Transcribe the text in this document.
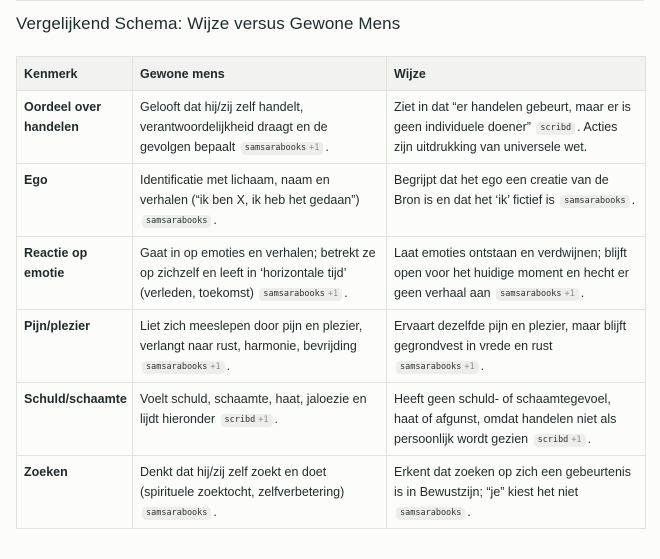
Vergelijkend Schema: Wijze versus Gewone Mens
Kenmerk	Gewone mens	Wijze
Oordeel over handelen	Gelooft dat hij/zij zelf handelt, verantwoordelijkheid draagt en de gevolgen bepaalt samsarabooks +1 .	Ziet in dat “er handelen gebeurt, maar er is geen individuele doener” scribd . Acties zijn uitdrukking van universele wet.
Ego	Identificatie met lichaam, naam en verhalen (“ik ben X, ik heb het gedaan”) samsarabooks .	Begrijpt dat het ego een creatie van de Bron is en dat het ‘ik’ fictief is samsarabooks .
Reactie op emotie	Gaat in op emoties en verhalen; betrekt ze op zichzelf en leeft in ‘horizontale tijd’ (verleden, toekomst) samsarabooks +1 .	Laat emoties ontstaan en verdwijnen; blijft open voor het huidige moment en hecht er geen verhaal aan samsarabooks +1 .
Pijn/plezier	Liet zich meeslepen door pijn en plezier, verlangt naar rust, harmonie, bevrijding samsarabooks +1 .	Ervaart dezelfde pijn en plezier, maar blijft gegrondvest in vrede en rust samsarabooks +1 .
Schuld/schaamte	Voelt schuld, schaamte, haat, jaloezie en lijdt hieronder scribd +1 .	Heeft geen schuld- of schaamtegevoel, haat of afgunst, omdat handelen niet als persoonlijk wordt gezien scribd +1 .
Zoeken	Denkt dat hij/zij zelf zoekt en doet (spirituele zoektocht, zelfverbetering) samsarabooks .	Erkent dat zoeken op zich een gebeurtenis is in Bewustzijn; “je” kiest het niet samsarabooks .
